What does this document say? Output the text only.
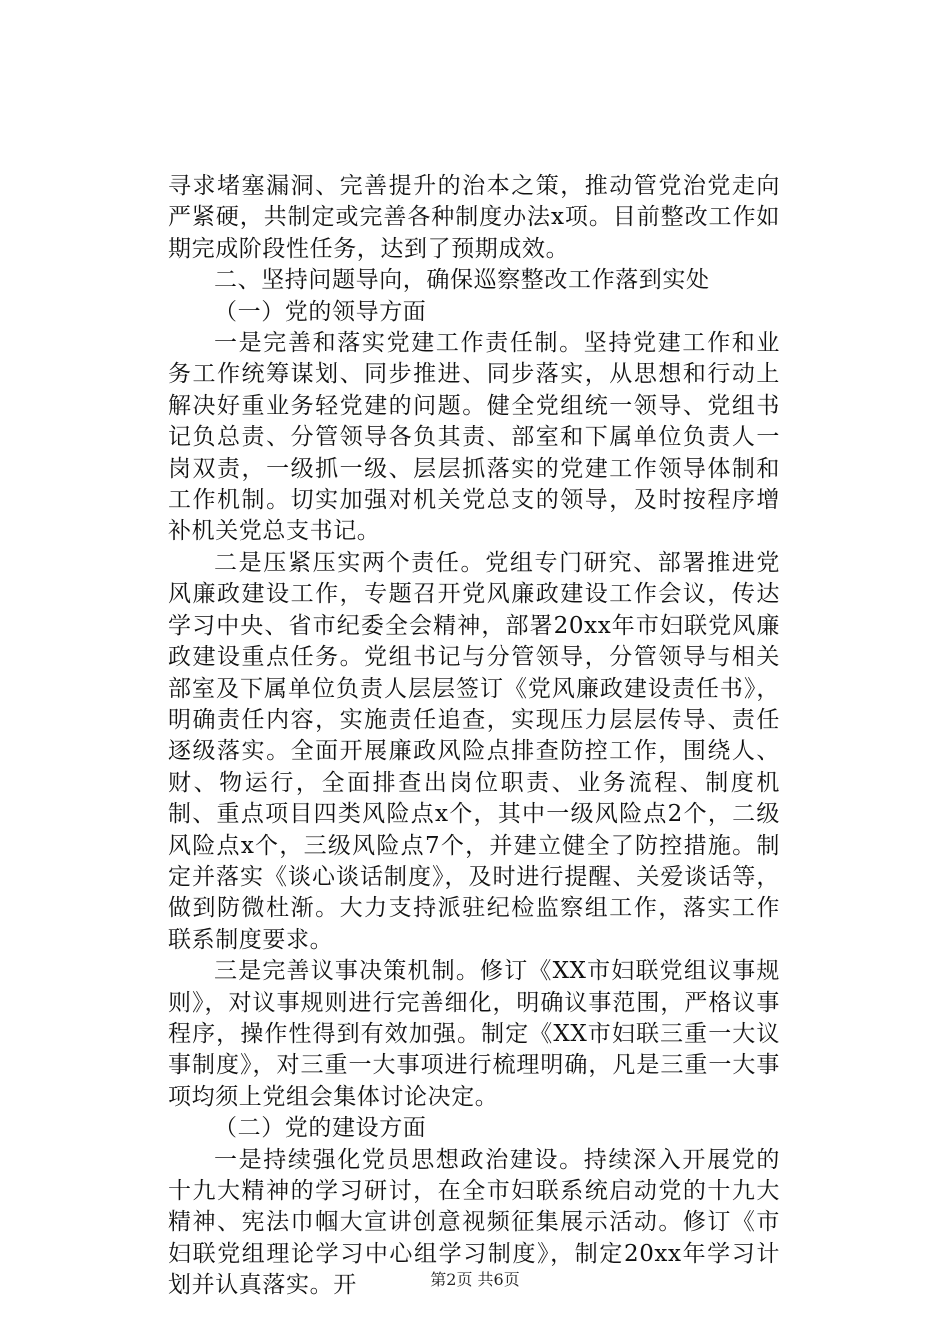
寻求堵塞漏洞、完善提升的治本之策，推动管党治党走向严紧硬，共制定或完善各种制度办法x项。目前整改工作如期完成阶段性任务，达到了预期成效。

二、坚持问题导向，确保巡察整改工作落到实处

（一）党的领导方面

一是完善和落实党建工作责任制。坚持党建工作和业务工作统筹谋划、同步推进、同步落实，从思想和行动上解决好重业务轻党建的问题。健全党组统一领导、党组书记负总责、分管领导各负其责、部室和下属单位负责人一岗双责，一级抓一级、层层抓落实的党建工作领导体制和工作机制。切实加强对机关党总支的领导，及时按程序增补机关党总支书记。

二是压紧压实两个责任。党组专门研究、部署推进党风廉政建设工作，专题召开党风廉政建设工作会议，传达学习中央、省市纪委全会精神，部署20xx年市妇联党风廉政建设重点任务。党组书记与分管领导，分管领导与相关部室及下属单位负责人层层签订《党风廉政建设责任书》，明确责任内容，实施责任追查，实现压力层层传导、责任逐级落实。全面开展廉政风险点排查防控工作，围绕人、财、物运行，全面排查出岗位职责、业务流程、制度机制、重点项目四类风险点x个，其中一级风险点2个，二级风险点x个，三级风险点7个，并建立健全了防控措施。制定并落实《谈心谈话制度》，及时进行提醒、关爱谈话等，做到防微杜渐。大力支持派驻纪检监察组工作，落实工作联系制度要求。

三是完善议事决策机制。修订《XX市妇联党组议事规则》，对议事规则进行完善细化，明确议事范围，严格议事程序，操作性得到有效加强。制定《XX市妇联三重一大议事制度》，对三重一大事项进行梳理明确，凡是三重一大事项均须上党组会集体讨论决定。

（二）党的建设方面

一是持续强化党员思想政治建设。持续深入开展党的十九大精神的学习研讨，在全市妇联系统启动党的十九大精神、宪法巾帼大宣讲创意视频征集展示活动。修订《市妇联党组理论学习中心组学习制度》，制定20xx年学习计划并认真落实。开	第2页 共6页
